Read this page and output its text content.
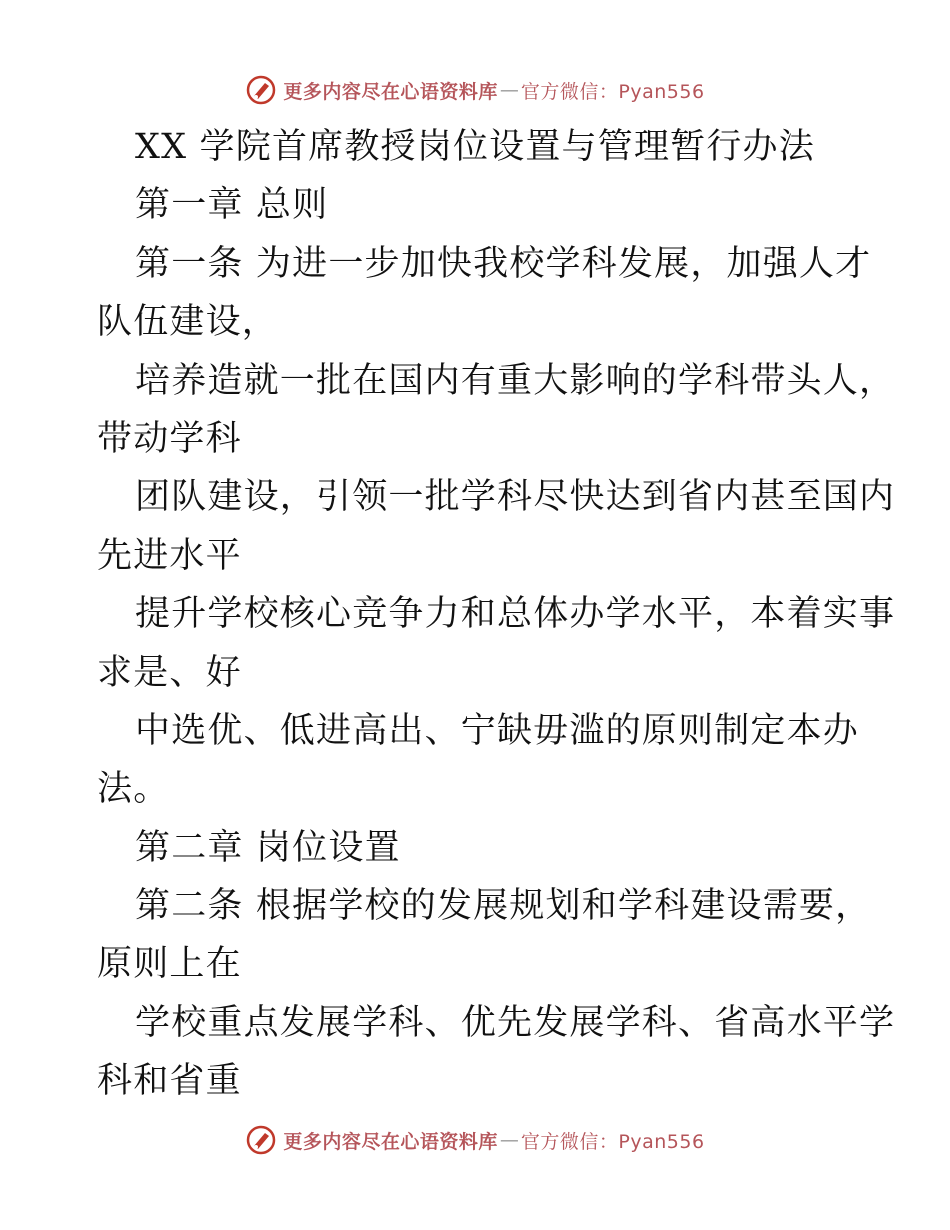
更多内容尽在心语资料库 — 官方微信：Pyan556
XX 学院首席教授岗位设置与管理暂行办法
第一章 总则
第一条 为进一步加快我校学科发展，加强人才
队伍建设，
培养造就一批在国内有重大影响的学科带头人，
带动学科
团队建设，引领一批学科尽快达到省内甚至国内
先进水平
提升学校核心竞争力和总体办学水平，本着实事
求是、好
中选优、低进高出、宁缺毋滥的原则制定本办
法。
第二章 岗位设置
第二条 根据学校的发展规划和学科建设需要，
原则上在
学校重点发展学科、优先发展学科、省高水平学
科和省重
更多内容尽在心语资料库 — 官方微信：Pyan556
